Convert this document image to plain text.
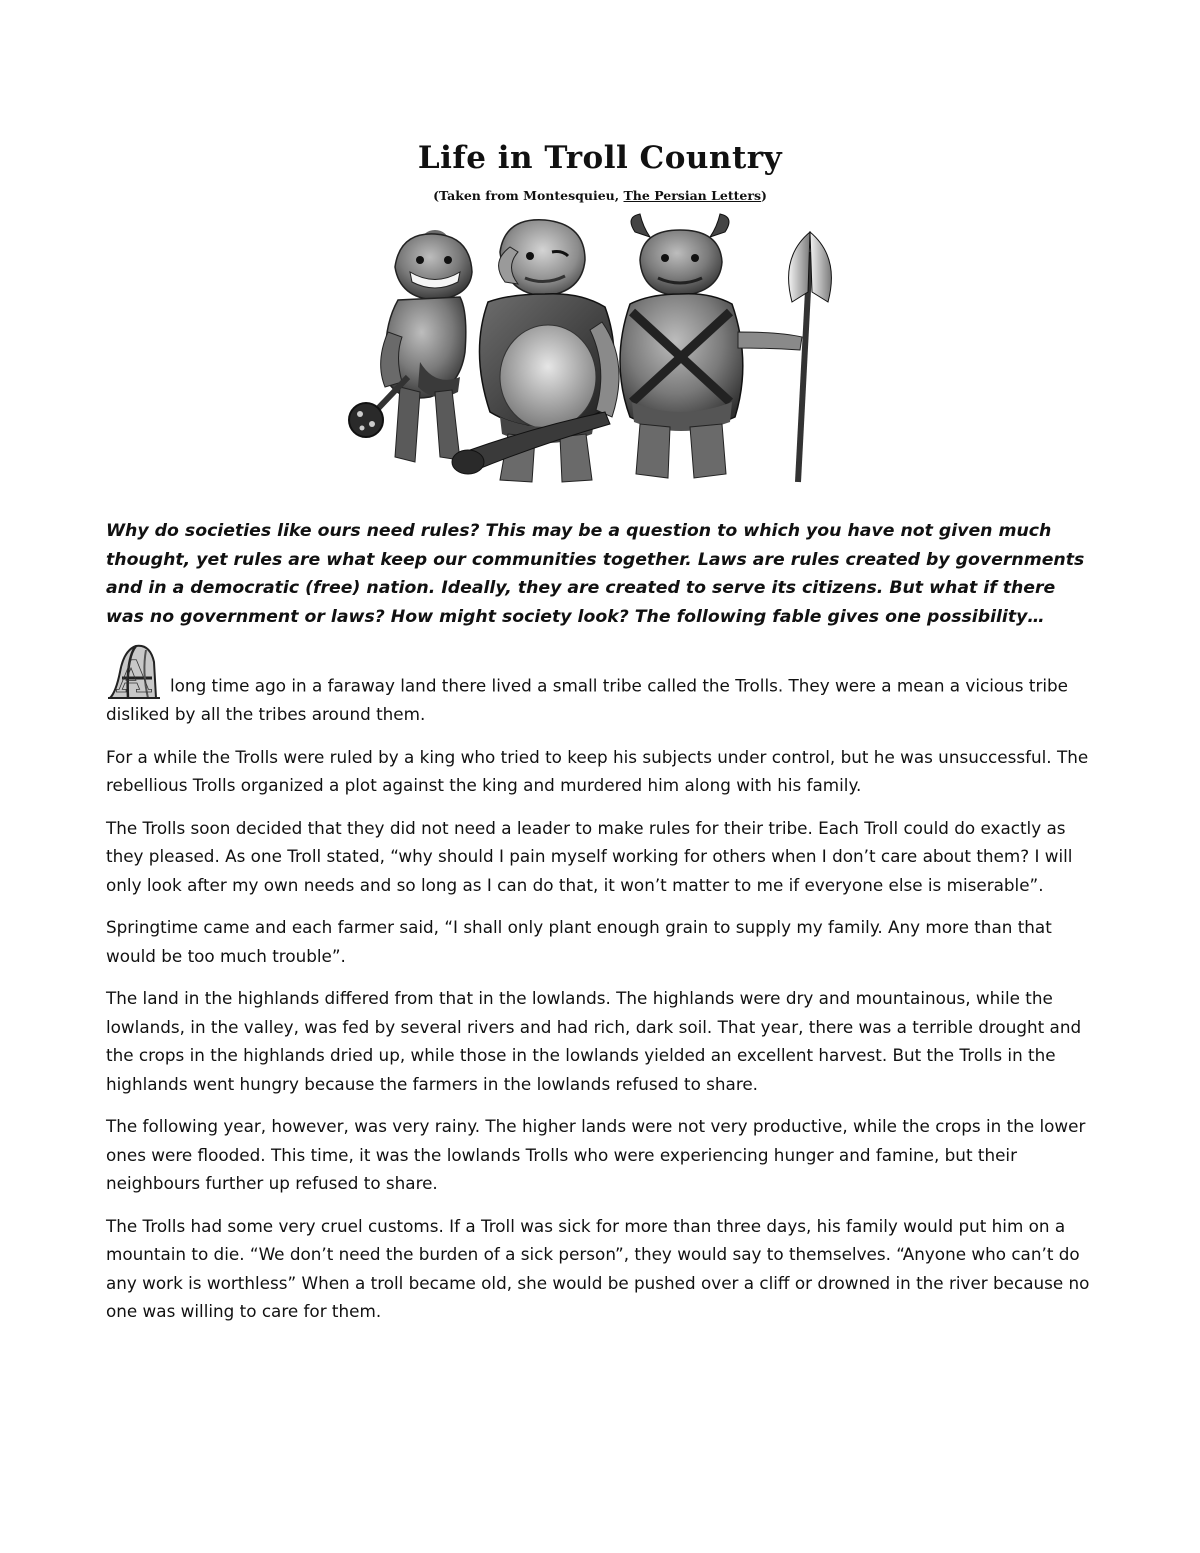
Life in Troll Country
(Taken from Montesquieu, The Persian Letters)

Why do societies like ours need rules? This may be a question to which you have not given much thought, yet rules are what keep our communities together. Laws are rules created by governments and in a democratic (free) nation. Ideally, they are created to serve its citizens. But what if there was no government or laws? How might society look? The following fable gives one possibility…

A long time ago in a faraway land there lived a small tribe called the Trolls. They were a mean a vicious tribe disliked by all the tribes around them.

For a while the Trolls were ruled by a king who tried to keep his subjects under control, but he was unsuccessful. The rebellious Trolls organized a plot against the king and murdered him along with his family.

The Trolls soon decided that they did not need a leader to make rules for their tribe. Each Troll could do exactly as they pleased. As one Troll stated, “why should I pain myself working for others when I don’t care about them? I will only look after my own needs and so long as I can do that, it won’t matter to me if everyone else is miserable”.

Springtime came and each farmer said, “I shall only plant enough grain to supply my family. Any more than that would be too much trouble”.

The land in the highlands differed from that in the lowlands. The highlands were dry and mountainous, while the lowlands, in the valley, was fed by several rivers and had rich, dark soil. That year, there was a terrible drought and the crops in the highlands dried up, while those in the lowlands yielded an excellent harvest. But the Trolls in the highlands went hungry because the farmers in the lowlands refused to share.

The following year, however, was very rainy. The higher lands were not very productive, while the crops in the lower ones were flooded. This time, it was the lowlands Trolls who were experiencing hunger and famine, but their neighbours further up refused to share.

The Trolls had some very cruel customs. If a Troll was sick for more than three days, his family would put him on a mountain to die. “We don’t need the burden of a sick person”, they would say to themselves. “Anyone who can’t do any work is worthless” When a troll became old, she would be pushed over a cliff or drowned in the river because no one was willing to care for them.
